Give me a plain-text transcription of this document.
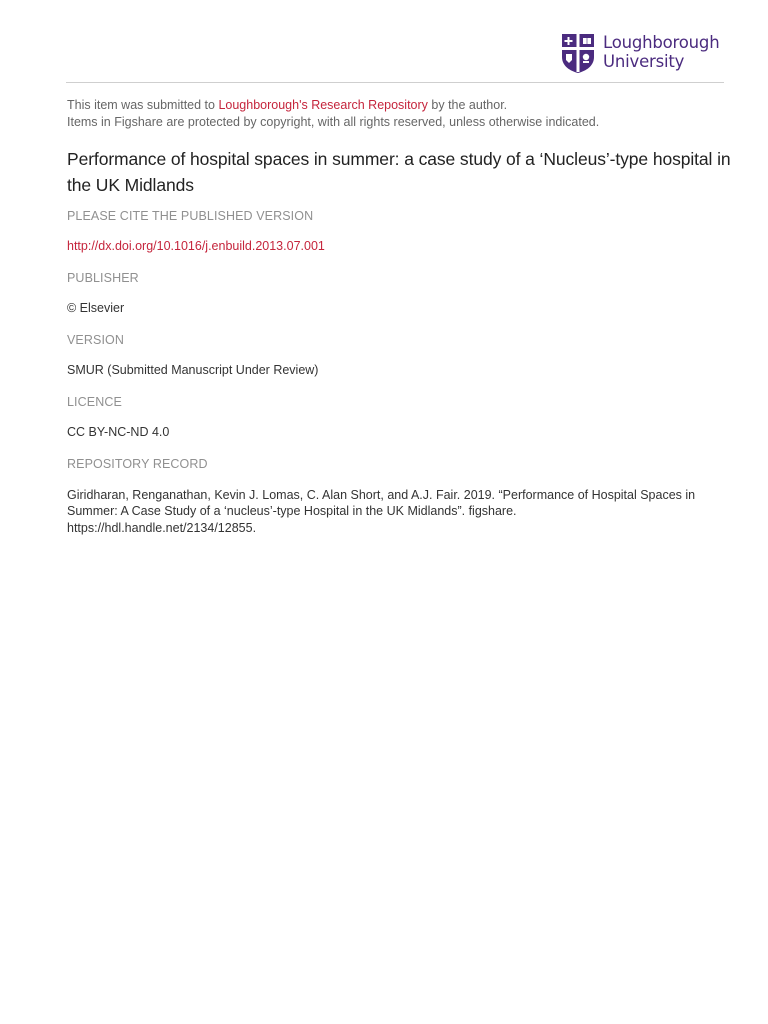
Loughborough
University
This item was submitted to Loughborough's Research Repository by the author.
Items in Figshare are protected by copyright, with all rights reserved, unless otherwise indicated.
Performance of hospital spaces in summer: a case study of a ‘Nucleus’-type hospital in the UK Midlands
PLEASE CITE THE PUBLISHED VERSION
http://dx.doi.org/10.1016/j.enbuild.2013.07.001
PUBLISHER
© Elsevier
VERSION
SMUR (Submitted Manuscript Under Review)
LICENCE
CC BY-NC-ND 4.0
REPOSITORY RECORD
Giridharan, Renganathan, Kevin J. Lomas, C. Alan Short, and A.J. Fair. 2019. “Performance of Hospital Spaces in Summer: A Case Study of a ‘nucleus’-type Hospital in the UK Midlands”. figshare. https://hdl.handle.net/2134/12855.
